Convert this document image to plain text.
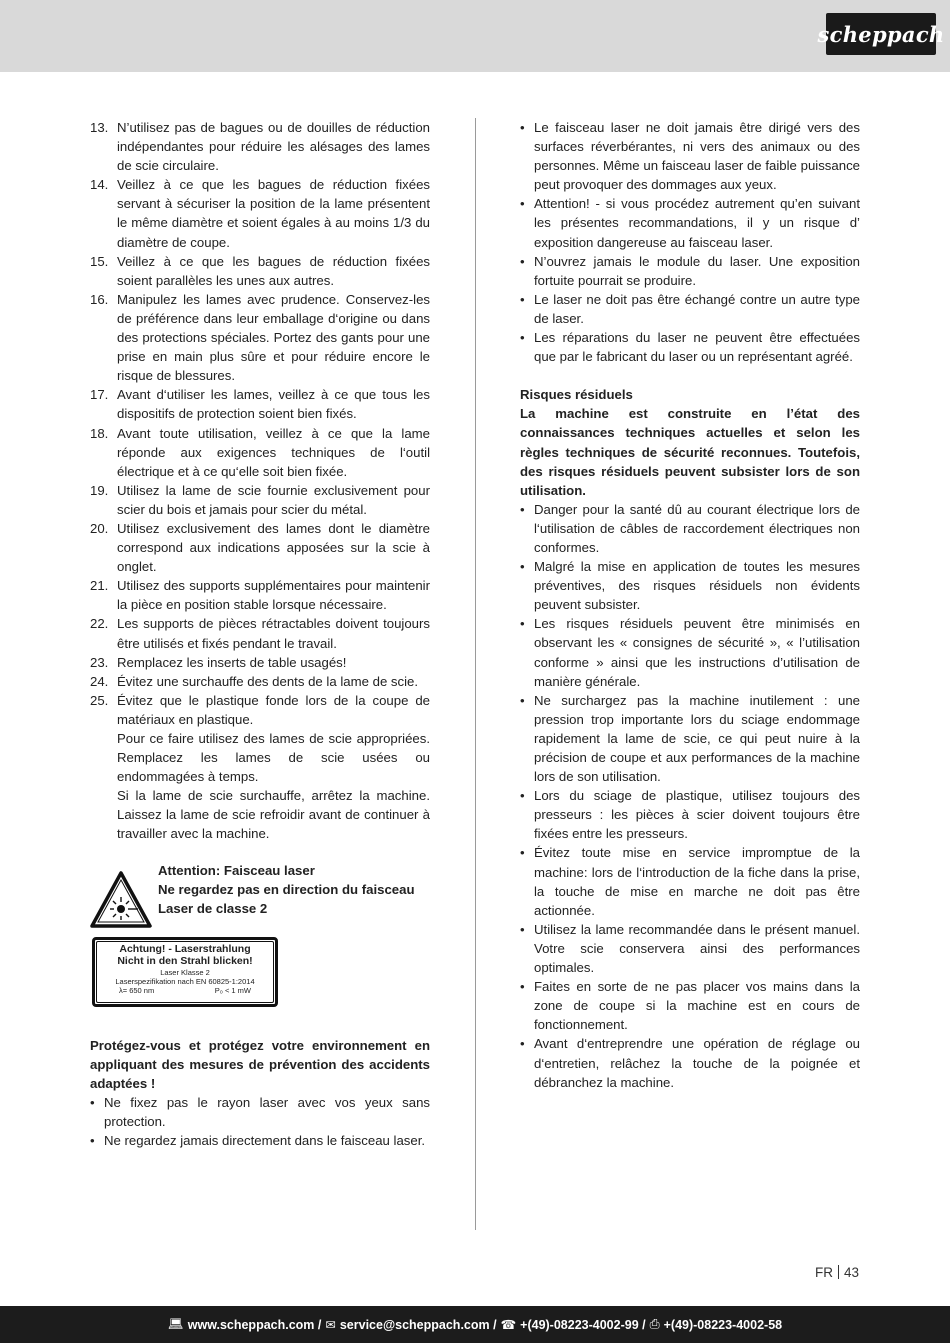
scheppach
13. N’utilisez pas de bagues ou de douilles de réduction indépendantes pour réduire les alésages des lames de scie circulaire.
14. Veillez à ce que les bagues de réduction fixées servant à sécuriser la position de la lame présentent le même diamètre et soient égales à au moins 1/3 du diamètre de coupe.
15. Veillez à ce que les bagues de réduction fixées soient parallèles les unes aux autres.
16. Manipulez les lames avec prudence. Conservez-les de préférence dans leur emballage d‘origine ou dans des protections spéciales. Portez des gants pour une prise en main plus sûre et pour réduire encore le risque de blessures.
17. Avant d‘utiliser les lames, veillez à ce que tous les dispositifs de protection soient bien fixés.
18. Avant toute utilisation, veillez à ce que la lame réponde aux exigences techniques de l‘outil électrique et à ce qu‘elle soit bien fixée.
19. Utilisez la lame de scie fournie exclusivement pour scier du bois et jamais pour scier du métal.
20. Utilisez exclusivement des lames dont le diamètre correspond aux indications apposées sur la scie à onglet.
21. Utilisez des supports supplémentaires pour maintenir la pièce en position stable lorsque nécessaire.
22. Les supports de pièces rétractables doivent toujours être utilisés et fixés pendant le travail.
23. Remplacez les inserts de table usagés!
24. Évitez une surchauffe des dents de la lame de scie.
25. Évitez que le plastique fonde lors de la coupe de matériaux en plastique.
Pour ce faire utilisez des lames de scie appropriées. Remplacez les lames de scie usées ou endommagées à temps.
Si la lame de scie surchauffe, arrêtez la machine. Laissez la lame de scie refroidir avant de continuer à travailler avec la machine.
Attention: Faisceau laser
Ne regardez pas en direction du faisceau
Laser de classe 2
Achtung! - Laserstrahlung
Nicht in den Strahl blicken!
Laser Klasse 2
Laserspezifikation nach EN 60825-1:2014
λ= 650 nm	P₀ < 1 mW
Protégez-vous et protégez votre environnement en appliquant des mesures de prévention des accidents adaptées !
• Ne fixez pas le rayon laser avec vos yeux sans protection.
• Ne regardez jamais directement dans le faisceau laser.
• Le faisceau laser ne doit jamais être dirigé vers des surfaces réverbérantes, ni vers des animaux ou des personnes. Même un faisceau laser de faible puissance peut provoquer des dommages aux yeux.
• Attention! - si vous procédez autrement qu’en suivant les présentes recommandations, il y un risque d’ exposition dangereuse au faisceau laser.
• N’ouvrez jamais le module du laser. Une exposition fortuite pourrait se produire.
• Le laser ne doit pas être échangé contre un autre type de laser.
• Les réparations du laser ne peuvent être effectuées que par le fabricant du laser ou un représentant agréé.
Risques résiduels
La machine est construite en l’état des connaissances techniques actuelles et selon les règles techniques de sécurité reconnues. Toutefois, des risques résiduels peuvent subsister lors de son utilisation.
• Danger pour la santé dû au courant électrique lors de l‘utilisation de câbles de raccordement électriques non conformes.
• Malgré la mise en application de toutes les mesures préventives, des risques résiduels non évidents peuvent subsister.
• Les risques résiduels peuvent être minimisés en observant les « consignes de sécurité », « l’utilisation conforme » ainsi que les instructions d’utilisation de manière générale.
• Ne surchargez pas la machine inutilement : une pression trop importante lors du sciage endommage rapidement la lame de scie, ce qui peut nuire à la précision de coupe et aux performances de la machine lors de son utilisation.
• Lors du sciage de plastique, utilisez toujours des presseurs : les pièces à scier doivent toujours être fixées entre les presseurs.
• Évitez toute mise en service impromptue de la machine: lors de l‘introduction de la fiche dans la prise, la touche de mise en marche ne doit pas être actionnée.
• Utilisez la lame recommandée dans le présent manuel. Votre scie conservera ainsi des performances optimales.
• Faites en sorte de ne pas placer vos mains dans la zone de coupe si la machine est en cours de fonctionnement.
• Avant d‘entreprendre une opération de réglage ou d‘entretien, relâchez la touche de la poignée et débranchez la machine.
FR 43
💻︎ www.scheppach.com / ✉ service@scheppach.com / ☎ +(49)-08223-4002-99 / ⎙ +(49)-08223-4002-58
